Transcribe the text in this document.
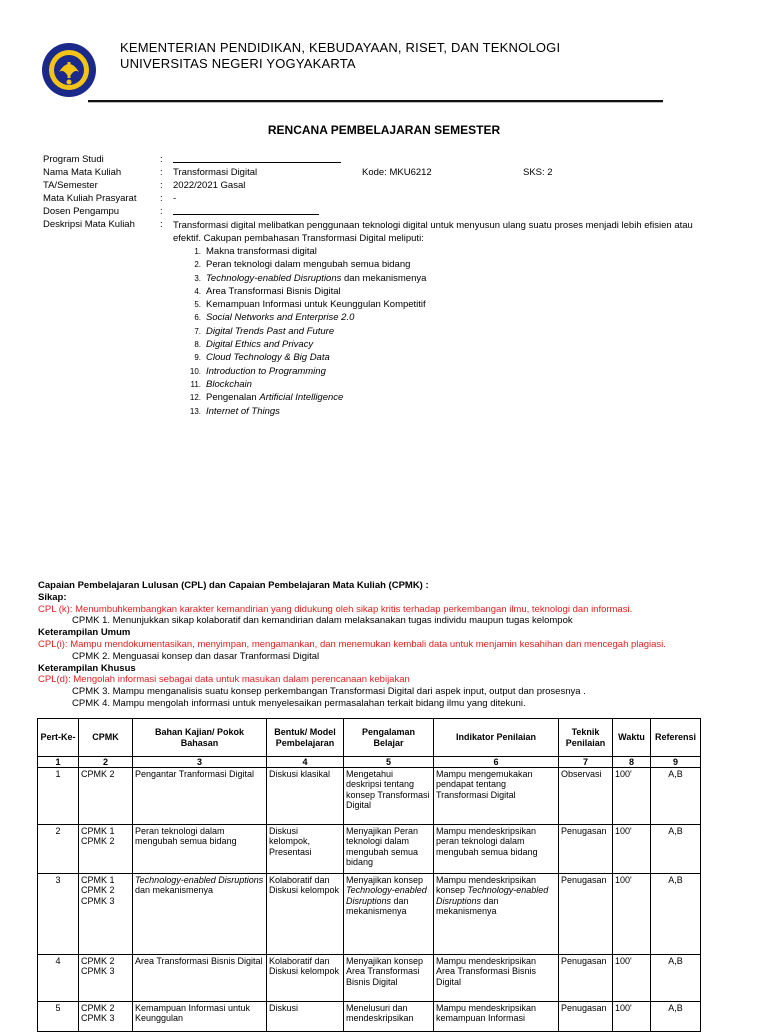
KEMENTERIAN PENDIDIKAN, KEBUDAYAAN, RISET, DAN TEKNOLOGI
UNIVERSITAS NEGERI YOGYAKARTA
RENCANA PEMBELAJARAN SEMESTER
Program Studi	:
Nama Mata Kuliah	: Transformasi Digital	Kode: MKU6212	SKS: 2
TA/Semester	: 2022/2021 Gasal
Mata Kuliah Prasyarat : -
Dosen Pengampu	:
Deskripsi Mata Kuliah	: Transformasi digital melibatkan penggunaan teknologi digital untuk menyusun ulang suatu proses menjadi lebih efisien atau efektif. Cakupan pembahasan Transformasi Digital meliputi:
1. Makna transformasi digital
2. Peran teknologi dalam mengubah semua bidang
3. Technology-enabled Disruptions dan mekanismenya
4. Area Transformasi Bisnis Digital
5. Kemampuan Informasi untuk Keunggulan Kompetitif
6. Social Networks and Enterprise 2.0
7. Digital Trends Past and Future
8. Digital Ethics and Privacy
9. Cloud Technology & Big Data
10. Introduction to Programming
11. Blockchain
12. Pengenalan Artificial Intelligence
13. Internet of Things
Capaian Pembelajaran Lulusan (CPL) dan Capaian Pembelajaran Mata Kuliah (CPMK) :
Sikap:
CPL (k): Menumbuhkembangkan karakter kemandirian yang didukung oleh sikap kritis terhadap perkembangan ilmu, teknologi dan informasi.
CPMK 1. Menunjukkan sikap kolaboratif dan kemandirian dalam melaksanakan tugas individu maupun tugas kelompok
Keterampilan Umum
CPL(i): Mampu mendokumentasikan, menyimpan, mengamankan, dan menemukan kembali data untuk menjamin kesahihan dan mencegah plagiasi.
CPMK 2. Menguasai konsep dan dasar Tranformasi Digital
Keterampilan Khusus
CPL(d): Mengolah informasi sebagai data untuk masukan dalam perencanaan kebijakan
CPMK 3. Mampu menganalisis suatu konsep perkembangan Transformasi Digital dari aspek input, output dan prosesnya .
CPMK 4. Mampu mengolah informasi untuk menyelesaikan permasalahan terkait bidang ilmu yang ditekuni.
Pert-Ke-	CPMK	Bahan Kajian/ Pokok Bahasan	Bentuk/ Model Pembelajaran	Pengalaman Belajar	Indikator Penilaian	Teknik Penilaian	Waktu	Referensi
1	2	3	4	5	6	7	8	9
1	CPMK 2	Pengantar Tranformasi Digital	Diskusi klasikal	Mengetahui deskripsi tentang konsep Transformasi Digital	Mampu mengemukakan pendapat tentang Transformasi Digital	Observasi	100'	A,B
2	CPMK 1
CPMK 2	Peran teknologi dalam mengubah semua bidang	Diskusi kelompok, Presentasi	Menyajikan Peran teknologi dalam mengubah semua bidang	Mampu mendeskripsikan peran teknologi dalam mengubah semua bidang	Penugasan	100'	A,B
3	CPMK 1
CPMK 2
CPMK 3	Technology-enabled Disruptions dan mekanismenya	Kolaboratif dan Diskusi kelompok	Menyajikan konsep Technology-enabled Disruptions dan mekanismenya	Mampu mendeskripsikan konsep Technology-enabled Disruptions dan mekanismenya	Penugasan	100'	A,B
4	CPMK 2
CPMK 3	Area Transformasi Bisnis Digital	Kolaboratif dan Diskusi kelompok	Menyajikan konsep Area Transformasi Bisnis Digital	Mampu mendeskripsikan Area Transformasi Bisnis Digital	Penugasan	100'	A,B
5	CPMK 2
CPMK 3	Kemampuan Informasi untuk Keunggulan	Diskusi	Menelusuri dan mendeskripsikan	Mampu mendeskripsikan kemampuan Informasi	Penugasan	100'	A,B
